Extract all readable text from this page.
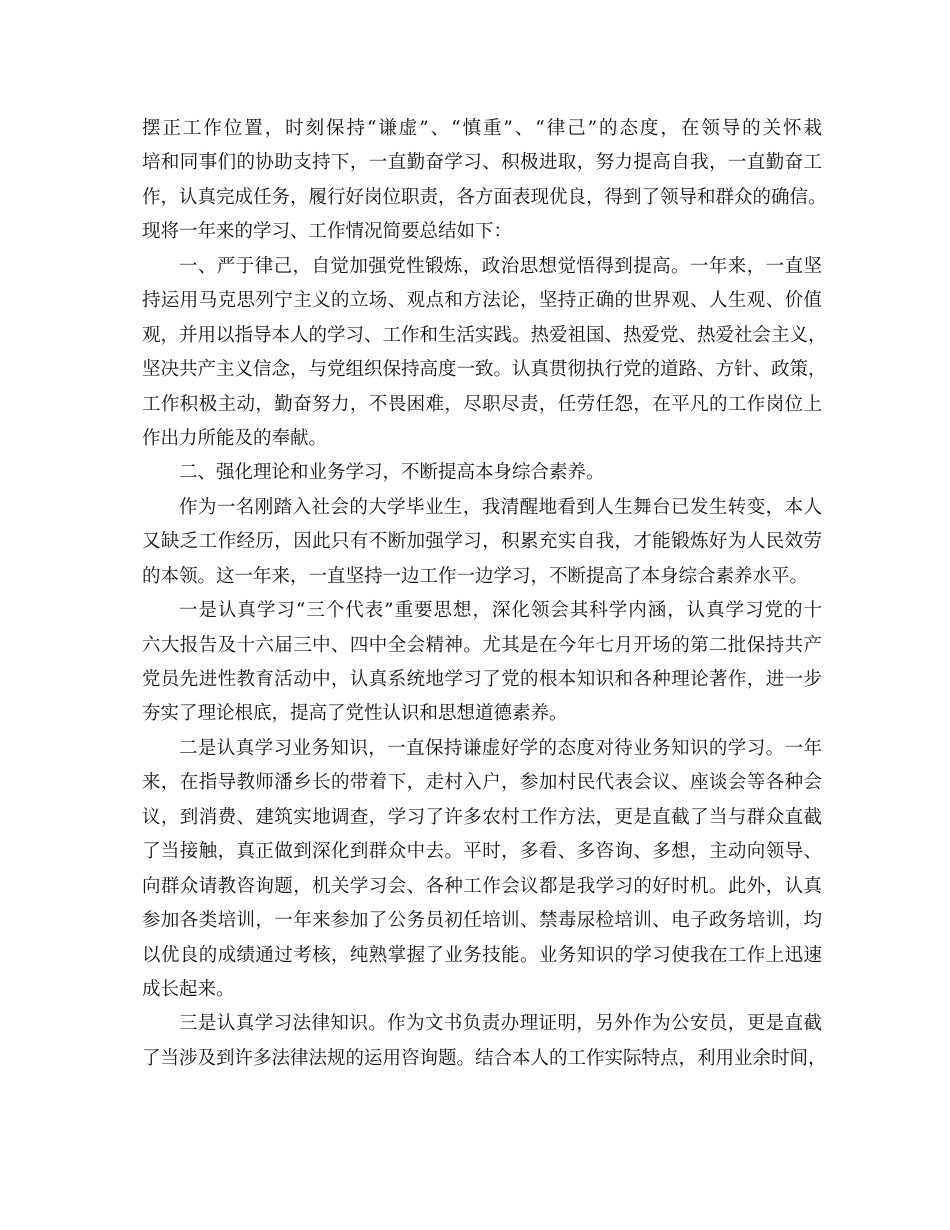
摆正工作位置，时刻保持“谦虚”、“慎重”、“律己”的态度，在领导的关怀栽
培和同事们的协助支持下，一直勤奋学习、积极进取，努力提高自我，一直勤奋工
作，认真完成任务，履行好岗位职责，各方面表现优良，得到了领导和群众的确信。
现将一年来的学习、工作情况简要总结如下：
一、严于律己，自觉加强党性锻炼，政治思想觉悟得到提高。一年来，一直坚
持运用马克思列宁主义的立场、观点和方法论，坚持正确的世界观、人生观、价值
观，并用以指导本人的学习、工作和生活实践。热爱祖国、热爱党、热爱社会主义，
坚决共产主义信念，与党组织保持高度一致。认真贯彻执行党的道路、方针、政策，
工作积极主动，勤奋努力，不畏困难，尽职尽责，任劳任怨，在平凡的工作岗位上
作出力所能及的奉献。
二、强化理论和业务学习，不断提高本身综合素养。
作为一名刚踏入社会的大学毕业生，我清醒地看到人生舞台已发生转变，本人
又缺乏工作经历，因此只有不断加强学习，积累充实自我，才能锻炼好为人民效劳
的本领。这一年来，一直坚持一边工作一边学习，不断提高了本身综合素养水平。
一是认真学习“三个代表”重要思想，深化领会其科学内涵，认真学习党的十
六大报告及十六届三中、四中全会精神。尤其是在今年七月开场的第二批保持共产
党员先进性教育活动中，认真系统地学习了党的根本知识和各种理论著作，进一步
夯实了理论根底，提高了党性认识和思想道德素养。
二是认真学习业务知识，一直保持谦虚好学的态度对待业务知识的学习。一年
来，在指导教师潘乡长的带着下，走村入户，参加村民代表会议、座谈会等各种会
议，到消费、建筑实地调查，学习了许多农村工作方法，更是直截了当与群众直截
了当接触，真正做到深化到群众中去。平时，多看、多咨询、多想，主动向领导、
向群众请教咨询题，机关学习会、各种工作会议都是我学习的好时机。此外，认真
参加各类培训，一年来参加了公务员初任培训、禁毒尿检培训、电子政务培训，均
以优良的成绩通过考核，纯熟掌握了业务技能。业务知识的学习使我在工作上迅速
成长起来。
三是认真学习法律知识。作为文书负责办理证明，另外作为公安员，更是直截
了当涉及到许多法律法规的运用咨询题。结合本人的工作实际特点，利用业余时间，
